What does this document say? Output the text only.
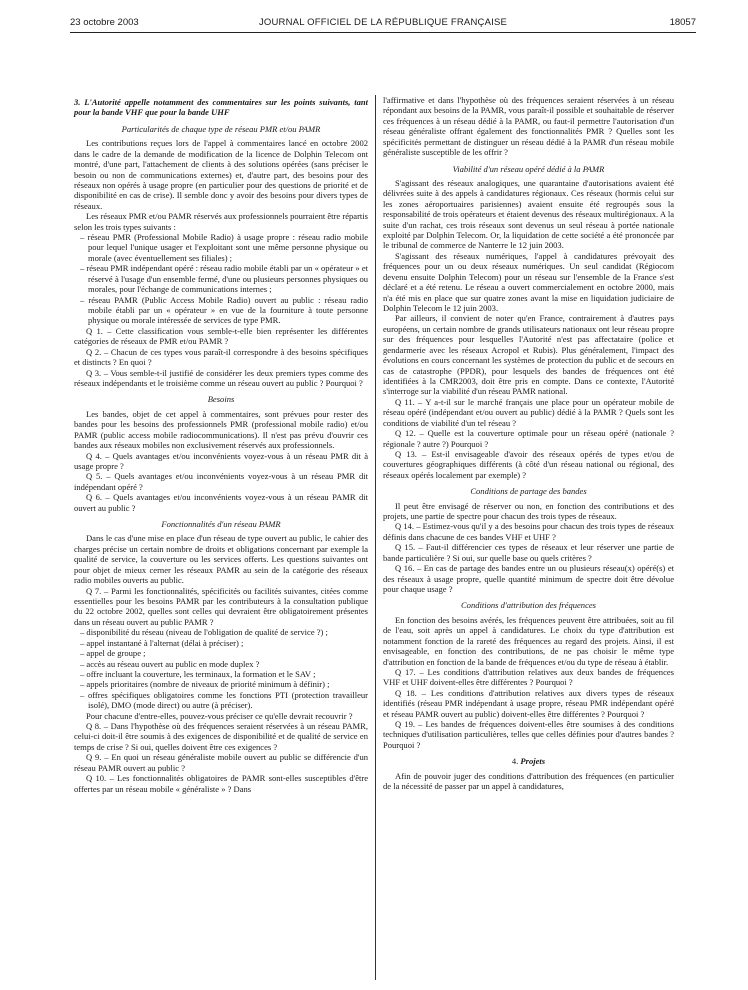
23 octobre 2003	JOURNAL OFFICIEL DE LA RÉPUBLIQUE FRANÇAISE	18057

3. L'Autorité appelle notamment des commentaires sur les points suivants, tant pour la bande VHF que pour la bande UHF

Particularités de chaque type de réseau PMR et/ou PAMR

Les contributions reçues lors de l'appel à commentaires lancé en octobre 2002 dans le cadre de la demande de modification de la licence de Dolphin Telecom ont montré, d'une part, l'attachement de clients à des solutions opérées (sans préciser le besoin ou non de communications externes) et, d'autre part, des besoins pour des réseaux non opérés à usage propre (en particulier pour des questions de priorité et de disponibilité en cas de crise). Il semble donc y avoir des besoins pour divers types de réseaux.

Les réseaux PMR et/ou PAMR réservés aux professionnels pourraient être répartis selon les trois types suivants :

– réseau PMR (Professional Mobile Radio) à usage propre : réseau radio mobile pour lequel l'unique usager et l'exploitant sont une même personne physique ou morale (avec éventuellement ses filiales) ;
– réseau PMR indépendant opéré : réseau radio mobile établi par un « opérateur » et réservé à l'usage d'un ensemble fermé, d'une ou plusieurs personnes physiques ou morales, pour l'échange de communications internes ;
– réseau PAMR (Public Access Mobile Radio) ouvert au public : réseau radio mobile établi par un « opérateur » en vue de la fourniture à toute personne physique ou morale intéressée de services de type PMR.

Q 1. – Cette classification vous semble-t-elle bien représenter les différentes catégories de réseaux de PMR et/ou PAMR ?

Q 2. – Chacun de ces types vous paraît-il correspondre à des besoins spécifiques et distincts ? En quoi ?

Q 3. – Vous semble-t-il justifié de considérer les deux premiers types comme des réseaux indépendants et le troisième comme un réseau ouvert au public ? Pourquoi ?

Besoins

Les bandes, objet de cet appel à commentaires, sont prévues pour rester des bandes pour les besoins des professionnels PMR (professional mobile radio) et/ou PAMR (public access mobile radiocommunications). Il n'est pas prévu d'ouvrir ces bandes aux réseaux mobiles non exclusivement réservés aux professionnels.

Q 4. – Quels avantages et/ou inconvénients voyez-vous à un réseau PMR dit à usage propre ?

Q 5. – Quels avantages et/ou inconvénients voyez-vous à un réseau PMR dit indépendant opéré ?

Q 6. – Quels avantages et/ou inconvénients voyez-vous à un réseau PAMR dit ouvert au public ?

Fonctionnalités d'un réseau PAMR

Dans le cas d'une mise en place d'un réseau de type ouvert au public, le cahier des charges précise un certain nombre de droits et obligations concernant par exemple la qualité de service, la couverture ou les services offerts. Les questions suivantes ont pour objet de mieux cerner les réseaux PAMR au sein de la catégorie des réseaux radio mobiles ouverts au public.

Q 7. – Parmi les fonctionnalités, spécificités ou facilités suivantes, citées comme essentielles pour les besoins PAMR par les contributeurs à la consultation publique du 22 octobre 2002, quelles sont celles qui devraient être obligatoirement présentes dans un réseau ouvert au public PAMR ?

– disponibilité du réseau (niveau de l'obligation de qualité de service ?) ;
– appel instantané à l'alternat (délai à préciser) ;
– appel de groupe ;
– accès au réseau ouvert au public en mode duplex ?
– offre incluant la couverture, les terminaux, la formation et le SAV ;
– appels prioritaires (nombre de niveaux de priorité minimum à définir) ;
– offres spécifiques obligatoires comme les fonctions PTI (protection travailleur isolé), DMO (mode direct) ou autre (à préciser).

Pour chacune d'entre-elles, pouvez-vous préciser ce qu'elle devrait recouvrir ?

Q 8. – Dans l'hypothèse où des fréquences seraient réservées à un réseau PAMR, celui-ci doit-il être soumis à des exigences de disponibilité et de qualité de service en temps de crise ? Si oui, quelles doivent être ces exigences ?

Q 9. – En quoi un réseau généraliste mobile ouvert au public se différencie d'un réseau PAMR ouvert au public ?

Q 10. – Les fonctionnalités obligatoires de PAMR sont-elles susceptibles d'être offertes par un réseau mobile « généraliste » ? Dans

l'affirmative et dans l'hypothèse où des fréquences seraient réservées à un réseau répondant aux besoins de la PAMR, vous paraît-il possible et souhaitable de réserver ces fréquences à un réseau dédié à la PAMR, ou faut-il permettre l'autorisation d'un réseau généraliste offrant également des fonctionnalités PMR ? Quelles sont les spécificités permettant de distinguer un réseau dédié à la PAMR d'un réseau mobile généraliste susceptible de les offrir ?

Viabilité d'un réseau opéré dédié à la PAMR

S'agissant des réseaux analogiques, une quarantaine d'autorisations avaient été délivrées suite à des appels à candidatures régionaux. Ces réseaux (hormis celui sur les zones aéroportuaires parisiennes) avaient ensuite été regroupés sous la responsabilité de trois opérateurs et étaient devenus des réseaux multirégionaux. A la suite d'un rachat, ces trois réseaux sont devenus un seul réseau à portée nationale exploité par Dolphin Telecom. Or, la liquidation de cette société a été prononcée par le tribunal de commerce de Nanterre le 12 juin 2003.

S'agissant des réseaux numériques, l'appel à candidatures prévoyait des fréquences pour un ou deux réseaux numériques. Un seul candidat (Régiocom devenu ensuite Dolphin Telecom) pour un réseau sur l'ensemble de la France s'est déclaré et a été retenu. Le réseau a ouvert commercialement en octobre 2000, mais n'a été mis en place que sur quatre zones avant la mise en liquidation judiciaire de Dolphin Telecom le 12 juin 2003.

Par ailleurs, il convient de noter qu'en France, contrairement à d'autres pays européens, un certain nombre de grands utilisateurs nationaux ont leur réseau propre sur des fréquences pour lesquelles l'Autorité n'est pas affectataire (police et gendarmerie avec les réseaux Acropol et Rubis). Plus généralement, l'impact des évolutions en cours concernant les systèmes de protection du public et de secours en cas de catastrophe (PPDR), pour lesquels des bandes de fréquences ont été identifiées à la CMR2003, doit être pris en compte. Dans ce contexte, l'Autorité s'interroge sur la viabilité d'un réseau PAMR national.

Q 11. – Y a-t-il sur le marché français une place pour un opérateur mobile de réseau opéré (indépendant et/ou ouvert au public) dédié à la PAMR ? Quels sont les conditions de viabilité d'un tel réseau ?

Q 12. – Quelle est la couverture optimale pour un réseau opéré (nationale ? régionale ? autre ?) Pourquoi ?

Q 13. – Est-il envisageable d'avoir des réseaux opérés de types et/ou de couvertures géographiques différents (à côté d'un réseau national ou régional, des réseaux opérés localement par exemple) ?

Conditions de partage des bandes

Il peut être envisagé de réserver ou non, en fonction des contributions et des projets, une partie de spectre pour chacun des trois types de réseaux.

Q 14. – Estimez-vous qu'il y a des besoins pour chacun des trois types de réseaux définis dans chacune de ces bandes VHF et UHF ?

Q 15. – Faut-il différencier ces types de réseaux et leur réserver une partie de bande particulière ? Si oui, sur quelle base ou quels critères ?

Q 16. – En cas de partage des bandes entre un ou plusieurs réseau(x) opéré(s) et des réseaux à usage propre, quelle quantité minimum de spectre doit être dévolue pour chaque usage ?

Conditions d'attribution des fréquences

En fonction des besoins avérés, les fréquences peuvent être attribuées, soit au fil de l'eau, soit après un appel à candidatures. Le choix du type d'attribution est notamment fonction de la rareté des fréquences au regard des projets. Ainsi, il est envisageable, en fonction des contributions, de ne pas choisir le même type d'attribution en fonction de la bande de fréquences et/ou du type de réseau à établir.

Q 17. – Les conditions d'attribution relatives aux deux bandes de fréquences VHF et UHF doivent-elles être différentes ? Pourquoi ?

Q 18. – Les conditions d'attribution relatives aux divers types de réseaux identifiés (réseau PMR indépendant à usage propre, réseau PMR indépendant opéré et réseau PAMR ouvert au public) doivent-elles être différentes ? Pourquoi ?

Q 19. – Les bandes de fréquences doivent-elles être soumises à des conditions techniques d'utilisation particulières, telles que celles définies pour d'autres bandes ? Pourquoi ?

4. Projets

Afin de pouvoir juger des conditions d'attribution des fréquences (en particulier de la nécessité de passer par un appel à candidatures,
